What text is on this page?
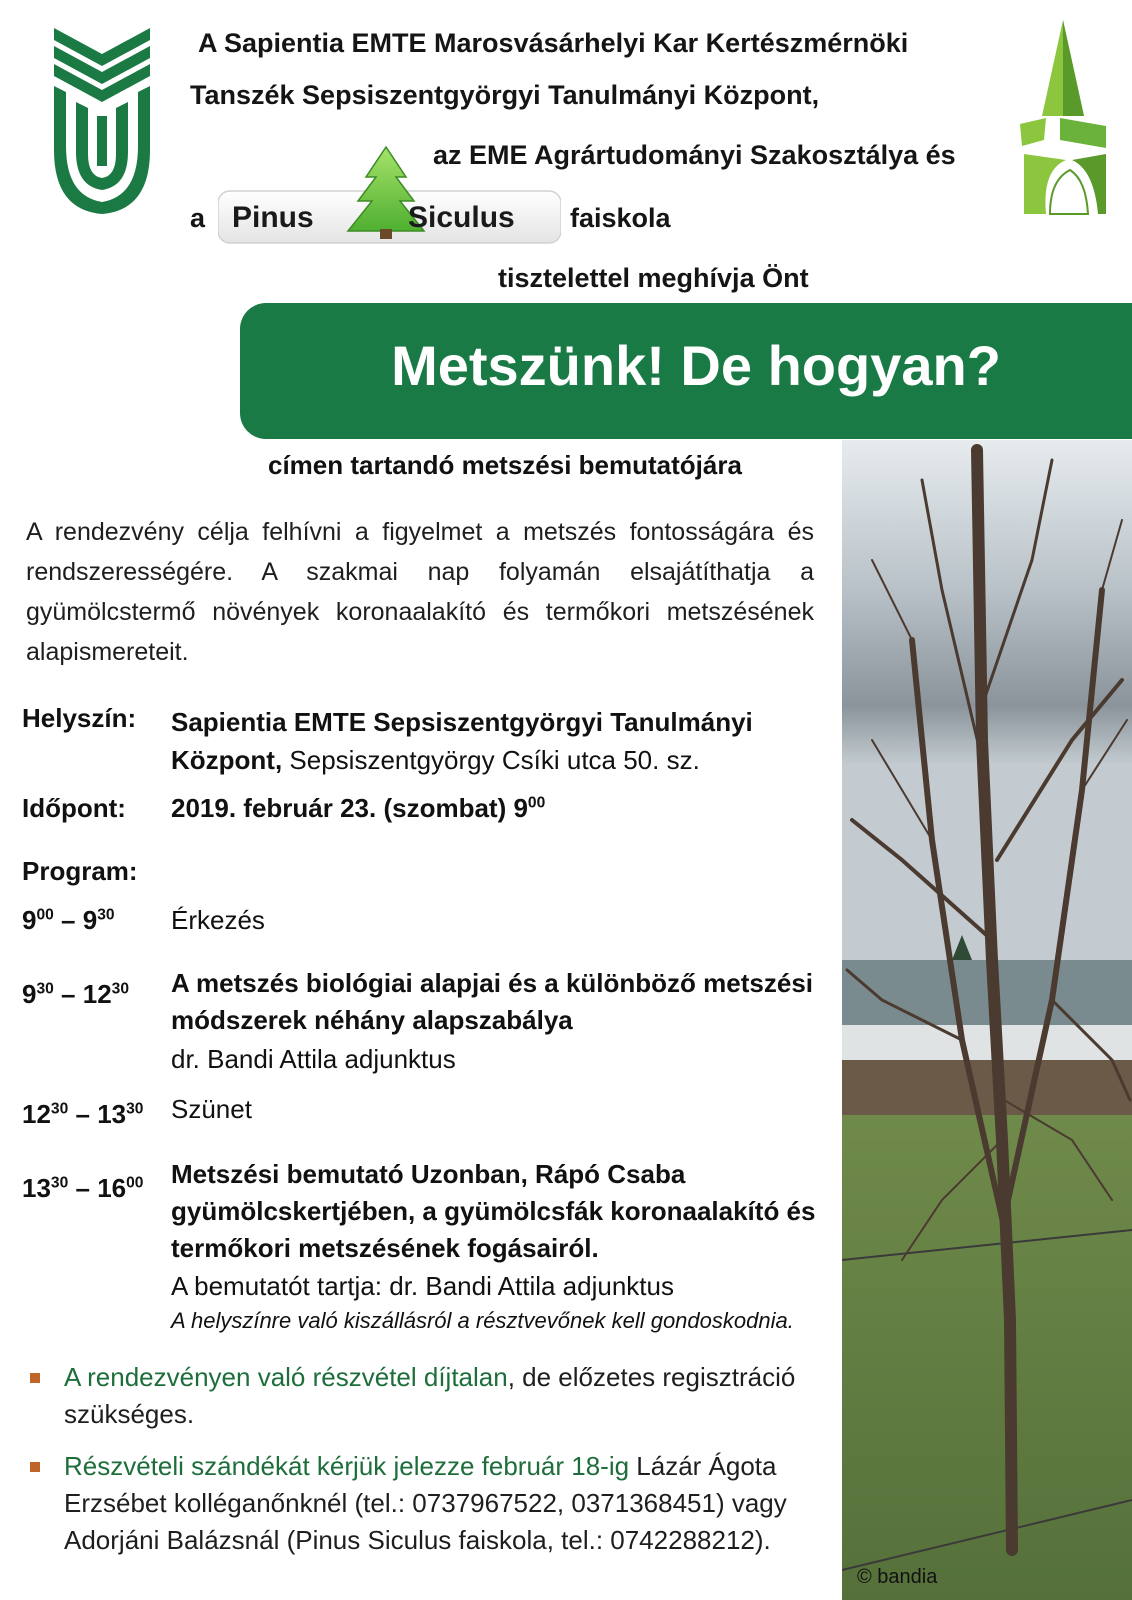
A Sapientia EMTE Marosvásárhelyi Kar Kertészmérnöki
Tanszék Sepsiszentgyörgyi Tanulmányi Központ,
az EME Agrártudományi Szakosztálya és
a Pinus	Siculus faiskola
tisztelettel meghívja Önt
Metszünk! De hogyan?
címen tartandó metszési bemutatójára
A rendezvény célja felhívni a figyelmet a metszés fontosságára és rendszerességére. A szakmai nap folyamán elsajátíthatja a gyümölcstermő növények koronaalakító és termőkori metszésének alapismereteit.
Helyszín: Sapientia EMTE Sepsiszentgyörgyi Tanulmányi
Központ, Sepsiszentgyörgy Csíki utca 50. sz.
Időpont: 2019. február 23. (szombat) $9^{00}$
Program:
$9^{00} - 9^{30}$ Érkezés
$9^{30} - 12^{30}$ A metszés biológiai alapjai és a különböző metszési módszerek néhány alapszabálya
dr. Bandi Attila adjunktus
$12^{30} - 13^{30}$ Szünet
$13^{30} - 16^{00}$ Metszési bemutató Uzonban, Rápó Csaba gyümölcskertjében, a gyümölcsfák koronaalakító és termőkori metszésének fogásairól.
A bemutatót tartja: dr. Bandi Attila adjunktus
A helyszínre való kiszállásról a résztvevőnek kell gondoskodnia.
A rendezvényen való részvétel díjtalan, de előzetes regisztráció szükséges.
Részvételi szándékát kérjük jelezze február 18-ig Lázár Ágota Erzsébet kolléganőnknél (tel.: 0737967522, 0371368451) vagy Adorjáni Balázsnál (Pinus Siculus faiskola, tel.: 0742288212).
© bandia
